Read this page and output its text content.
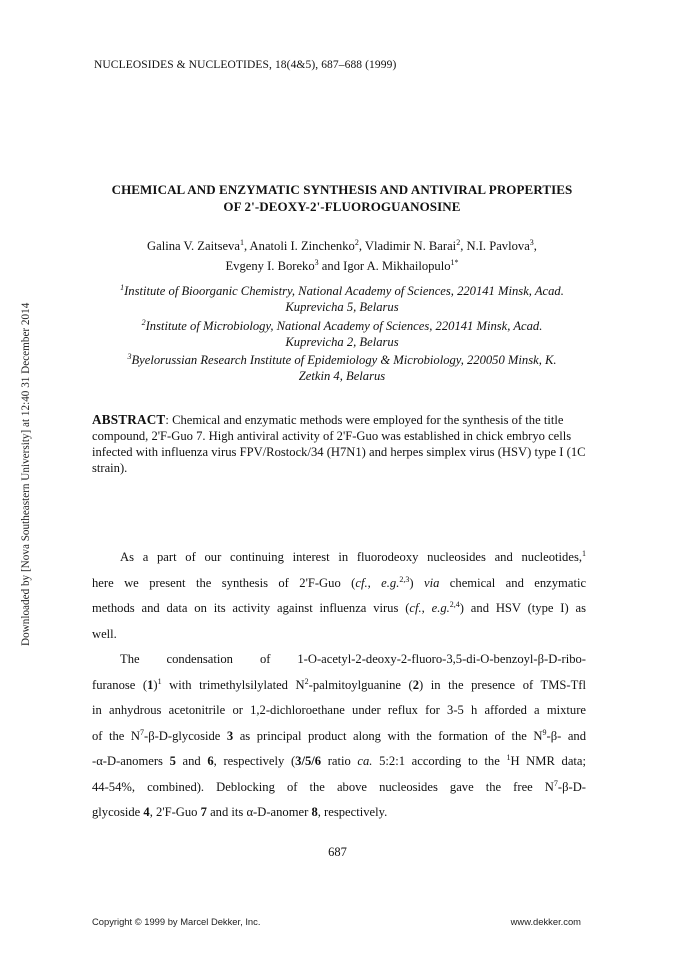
NUCLEOSIDES & NUCLEOTIDES, 18(4&5), 687–688 (1999)
Downloaded by [Nova Southeastern University] at 12:40 31 December 2014
CHEMICAL AND ENZYMATIC SYNTHESIS AND ANTIVIRAL PROPERTIES
OF 2'-DEOXY-2'-FLUOROGUANOSINE
Galina V. Zaitseva$^1$, Anatoli I. Zinchenko$^2$, Vladimir N. Barai$^2$, N.I. Pavlova$^3$,
Evgeny I. Boreko$^3$ and Igor A. Mikhailopulo$^{1*}$
$^1$Institute of Bioorganic Chemistry, National Academy of Sciences, 220141 Minsk, Acad.
Kuprevicha 5, Belarus
$^2$Institute of Microbiology, National Academy of Sciences, 220141 Minsk, Acad.
Kuprevicha 2, Belarus
$^3$Byelorussian Research Institute of Epidemiology & Microbiology, 220050 Minsk, K.
Zetkin 4, Belarus
ABSTRACT: Chemical and enzymatic methods were employed for the synthesis of the title compound, 2'F-Guo 7. High antiviral activity of 2'F-Guo was established in chick embryo cells infected with influenza virus FPV/Rostock/34 (H7N1) and herpes simplex virus (HSV) type I (1C strain).
As a part of our continuing interest in fluorodeoxy nucleosides and nucleotides,$^1$
here we present the synthesis of 2'F-Guo (cf., e.g.$^{2,3}$) via chemical and enzymatic
methods and data on its activity against influenza virus (cf., e.g.$^{2,4}$) and HSV (type I) as
well.
The condensation of 1-O-acetyl-2-deoxy-2-fluoro-3,5-di-O-benzoyl-β-D-ribo-
furanose $(1)^1$ with trimethylsilylated $N^2$-palmitoylguanine (2) in the presence of TMS-Tfl
in anhydrous acetonitrile or 1,2-dichloroethane under reflux for 3-5 h afforded a mixture
of the $N^7-\beta-D$-glycoside 3 as principal product along with the formation of the $N^9-\beta-$ and
-α-D-anomers 5 and 6, respectively (3/5/6 ratio ca. 5:2:1 according to the $^1$H NMR data;
44-54%, combined). Deblocking of the above nucleosides gave the free $N^7-\beta-D-$
glycoside 4, 2'F-Guo 7 and its α-D-anomer 8, respectively.
687
Copyright © 1999 by Marcel Dekker, Inc.	www.dekker.com
